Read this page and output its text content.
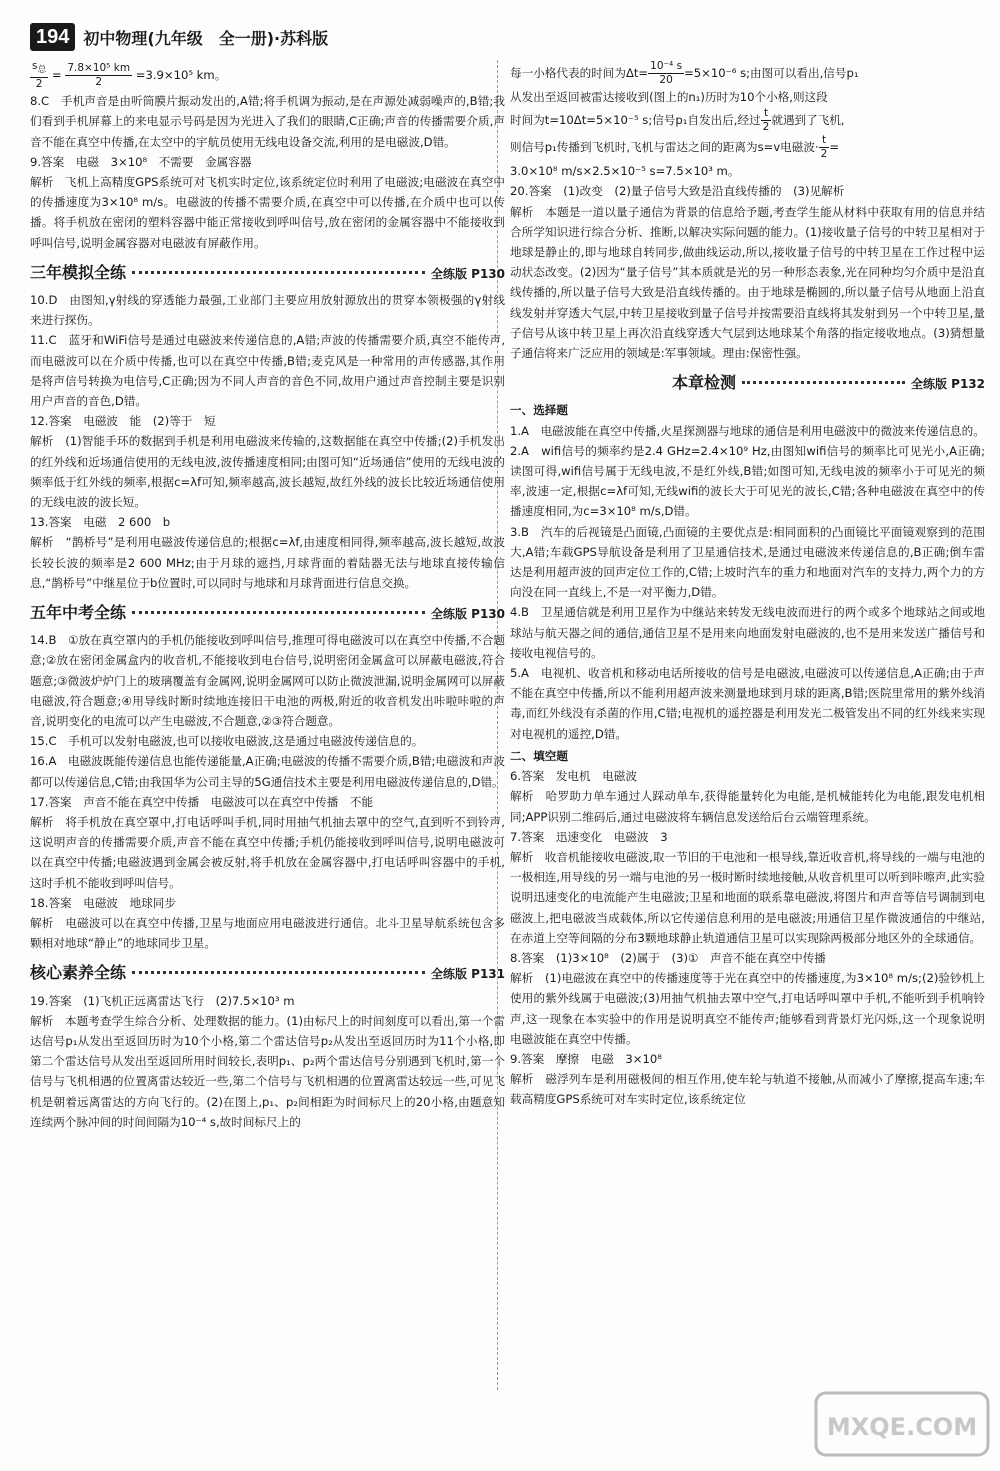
194 初中物理(九年级　全一册)·苏科版

$\frac{s_总}{2} = \frac{\text{7.8×10⁵ km}}{2} =3.9\times 10^5$ km。

8.C　手机声音是由听筒膜片振动发出的,A错;将手机调为振动,是在声源处减弱噪声的,B错;我们看到手机屏幕上的来电显示号码是因为光进入了我们的眼睛,C正确;声音的传播需要介质,声音不能在真空中传播,在太空中的宇航员使用无线电设备交流,利用的是电磁波,D错。

9.答案　电磁　3×10⁸　不需要　金属容器

解析　飞机上高精度GPS系统可对飞机实时定位,该系统定位时利用了电磁波;电磁波在真空中的传播速度为3×10⁸ m/s。电磁波的传播不需要介质,在真空中可以传播,在介质中也可以传播。将手机放在密闭的塑料容器中能正常接收到呼叫信号,放在密闭的金属容器中不能接收到呼叫信号,说明金属容器对电磁波有屏蔽作用。

三年模拟全练	全练版 P130

10.D　由图知,γ射线的穿透能力最强,工业部门主要应用放射源放出的贯穿本领极强的γ射线来进行探伤。

11.C　蓝牙和WiFi信号是通过电磁波来传递信息的,A错;声波的传播需要介质,真空不能传声,而电磁波可以在介质中传播,也可以在真空中传播,B错;麦克风是一种常用的声传感器,其作用是将声信号转换为电信号,C正确;因为不同人声音的音色不同,故用户通过声音控制主要是识别用户声音的音色,D错。

12.答案　电磁波　能　(2)等于　短

解析　(1)智能手环的数据到手机是利用电磁波来传输的,这数据能在真空中传播;(2)手机发出的红外线和近场通信使用的无线电波,波传播速度相同;由图可知“近场通信”使用的无线电波的频率低于红外线的频率,根据c=λf可知,频率越高,波长越短,故红外线的波长比较近场通信使用的无线电波的波长短。

13.答案　电磁　2 600　b

解析　“鹊桥号”是利用电磁波传递信息的;根据c=λf,由速度相同得,频率越高,波长越短,故波长较长波的频率是2 600 MHz;由于月球的遮挡,月球背面的着陆器无法与地球直接传输信息,“鹊桥号”中继星位于b位置时,可以同时与地球和月球背面进行信息交换。

五年中考全练	全练版 P130

14.B　①放在真空罩内的手机仍能接收到呼叫信号,推理可得电磁波可以在真空中传播,不合题意;②放在密闭金属盒内的收音机,不能接收到电台信号,说明密闭金属盒可以屏蔽电磁波,符合题意;③微波炉炉门上的玻璃覆盖有金属网,说明金属网可以防止微波泄漏,说明金属网可以屏蔽电磁波,符合题意;④用导线时断时续地连接旧干电池的两极,附近的收音机发出咔啦咔啦的声音,说明变化的电流可以产生电磁波,不合题意,②③符合题意。

15.C　手机可以发射电磁波,也可以接收电磁波,这是通过电磁波传递信息的。

16.A　电磁波既能传递信息也能传递能量,A正确;电磁波的传播不需要介质,B错;电磁波和声波都可以传递信息,C错;由我国华为公司主导的5G通信技术主要是利用电磁波传递信息的,D错。

17.答案　声音不能在真空中传播　电磁波可以在真空中传播　不能

解析　将手机放在真空罩中,打电话呼叫手机,同时用抽气机抽去罩中的空气,直到听不到铃声,这说明声音的传播需要介质,声音不能在真空中传播;手机仍能接收到呼叫信号,说明电磁波可以在真空中传播;电磁波遇到金属会被反射,将手机放在金属容器中,打电话呼叫容器中的手机,这时手机不能收到呼叫信号。

18.答案　电磁波　地球同步

解析　电磁波可以在真空中传播,卫星与地面应用电磁波进行通信。北斗卫星导航系统包含多颗相对地球“静止”的地球同步卫星。

核心素养全练	全练版 P131

19.答案　(1)飞机正远离雷达飞行　(2)7.5×10³ m

解析　本题考查学生综合分析、处理数据的能力。(1)由标尺上的时间刻度可以看出,第一个雷达信号p₁从发出至返回历时为10个小格,第二个雷达信号p₂从发出至返回历时为11个小格,即第二个雷达信号从发出至返回所用时间较长,表明p₁、p₂两个雷达信号分别遇到飞机时,第一个信号与飞机相遇的位置离雷达较近一些,第二个信号与飞机相遇的位置离雷达较远一些,可见飞机是朝着远离雷达的方向飞行的。(2)在图上,p₁、p₂间相距为时间标尺上的20小格,由题意知连续两个脉冲间的时间间隔为10⁻⁴ s,故时间标尺上的

每一小格代表的时间为$\Delta t= \frac{\text{10⁻⁴ s}}{20} =5\times 10^{-6}$ s;由图可以看出,信号p₁

从发出至返回被雷达接收到(图上的n₁)历时为10个小格,则这段

时间为t=10Δt=5×10⁻⁵ s;信号p₁自发出后,经过 $\frac{t}{2}$ 就遇到了飞机,

则信号p₁传播到飞机时,飞机与雷达之间的距离为s=v电磁波· $\frac{t}{2}$ =

3.0×10⁸ m/s×2.5×10⁻⁵ s=7.5×10³ m。

20.答案　(1)改变　(2)量子信号大致是沿直线传播的　(3)见解析

解析　本题是一道以量子通信为背景的信息给予题,考查学生能从材料中获取有用的信息并结合所学知识进行综合分析、推断,以解决实际问题的能力。(1)接收量子信号的中转卫星相对于地球是静止的,即与地球自转同步,做曲线运动,所以,接收量子信号的中转卫星在工作过程中运动状态改变。(2)因为“量子信号”其本质就是光的另一种形态表象,光在同种均匀介质中是沿直线传播的,所以量子信号大致是沿直线传播的。由于地球是椭圆的,所以量子信号从地面上沿直线发射并穿透大气层,中转卫星接收到量子信号并按需要沿直线将其发射到另一个中转卫星,量子信号从该中转卫星上再次沿直线穿透大气层到达地球某个角落的指定接收地点。(3)猜想量子通信将来广泛应用的领域是:军事领域。理由:保密性强。

本章检测	全练版 P132

一、选择题

1.A　电磁波能在真空中传播,火星探测器与地球的通信是利用电磁波中的微波来传递信息的。

2.A　wifi信号的频率约是2.4 GHz=2.4×10⁹ Hz,由图知wifi信号的频率比可见光小,A正确;读图可得,wifi信号属于无线电波,不是红外线,B错;如图可知,无线电波的频率小于可见光的频率,波速一定,根据c=λf可知,无线wifi的波长大于可见光的波长,C错;各种电磁波在真空中的传播速度相同,为c=3×10⁸ m/s,D错。

3.B　汽车的后视镜是凸面镜,凸面镜的主要优点是:相同面积的凸面镜比平面镜观察到的范围大,A错;车载GPS导航设备是利用了卫星通信技术,是通过电磁波来传递信息的,B正确;倒车雷达是利用超声波的回声定位工作的,C错;上坡时汽车的重力和地面对汽车的支持力,两个力的方向没在同一直线上,不是一对平衡力,D错。

4.B　卫星通信就是利用卫星作为中继站来转发无线电波而进行的两个或多个地球站之间或地球站与航天器之间的通信,通信卫星不是用来向地面发射电磁波的,也不是用来发送广播信号和接收电视信号的。

5.A　电视机、收音机和移动电话所接收的信号是电磁波,电磁波可以传递信息,A正确;由于声不能在真空中传播,所以不能利用超声波来测量地球到月球的距离,B错;医院里常用的紫外线消毒,而红外线没有杀菌的作用,C错;电视机的遥控器是利用发光二极管发出不同的红外线来实现对电视机的遥控,D错。

二、填空题

6.答案　发电机　电磁波

解析　哈罗助力单车通过人踩动单车,获得能量转化为电能,是机械能转化为电能,跟发电机相同;APP识别二维码后,通过电磁波将车辆信息发送给后台云端管理系统。

7.答案　迅速变化　电磁波　3

解析　收音机能接收电磁波,取一节旧的干电池和一根导线,靠近收音机,将导线的一端与电池的一极相连,用导线的另一端与电池的另一极时断时续地接触,从收音机里可以听到咔嚓声,此实验说明迅速变化的电流能产生电磁波;卫星和地面的联系靠电磁波,将图片和声音等信号调制到电磁波上,把电磁波当成载体,所以它传递信息利用的是电磁波;用通信卫星作微波通信的中继站,在赤道上空等间隔的分布3颗地球静止轨道通信卫星可以实现除两极部分地区外的全球通信。

8.答案　(1)3×10⁸　(2)属于　(3)①　声音不能在真空中传播

解析　(1)电磁波在真空中的传播速度等于光在真空中的传播速度,为3×10⁸ m/s;(2)验钞机上使用的紫外线属于电磁波;(3)用抽气机抽去罩中空气,打电话呼叫罩中手机,不能听到手机响铃声,这一现象在本实验中的作用是说明真空不能传声;能够看到背景灯光闪烁,这一个现象说明电磁波能在真空中传播。

9.答案　摩擦　电磁　3×10⁸

解析　磁浮列车是利用磁极间的相互作用,使车轮与轨道不接触,从而减小了摩擦,提高车速;车载高精度GPS系统可对车实时定位,该系统定位

MXQE.COM
